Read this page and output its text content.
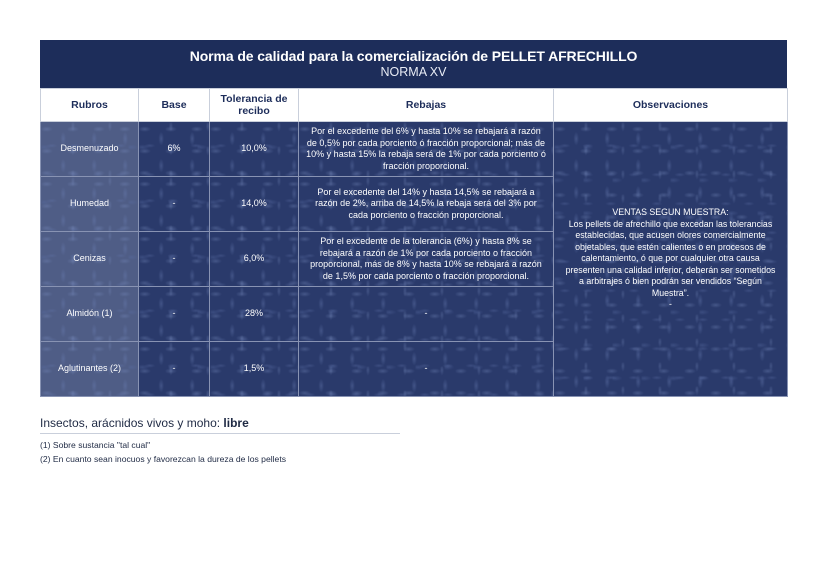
Norma de calidad para la comercialización de PELLET AFRECHILLO
NORMA XV
Rubros	Base	Tolerancia de recibo	Rebajas	Observaciones
Desmenuzado	6%	10,0%	Por el excedente del 6% y hasta 10% se rebajará a razón de 0,5% por cada porciento ó fracción proporcional; más de 10% y hasta 15% la rebaja será de 1% por cada porciento ó fracción proporcional.	VENTAS SEGUN MUESTRA:
Los pellets de afrechillo que excedan las tolerancias establecidas, que acusen olores comercialmente objetables, que estén calientes o en procesos de calentamiento, ó que por cualquier otra causa presenten una calidad inferior, deberán ser sometidos a arbitrajes ó bien podrán ser vendidos “Según Muestra”.
-

Humedad	-	14,0%	Por el excedente del 14% y hasta 14,5% se rebajará a razón de 2%, arriba de 14,5% la rebaja será del 3% por cada porciento o fracción proporcional.	
Cenizas	-	6,0%	Por el excedente de la tolerancia (6%) y hasta 8% se rebajará a razón de 1% por cada porciento o fracción proporcional, más de 8% y hasta 10% se rebajará a razón de 1,5% por cada porciento o fracción proporcional.	
Almidón (1)	-	28%	-	
Aglutinantes (2)	-	1,5%	-	
Insectos, arácnidos vivos y moho: libre
(1) Sobre sustancia "tal cual"
(2) En cuanto sean inocuos y favorezcan la dureza de los pellets
